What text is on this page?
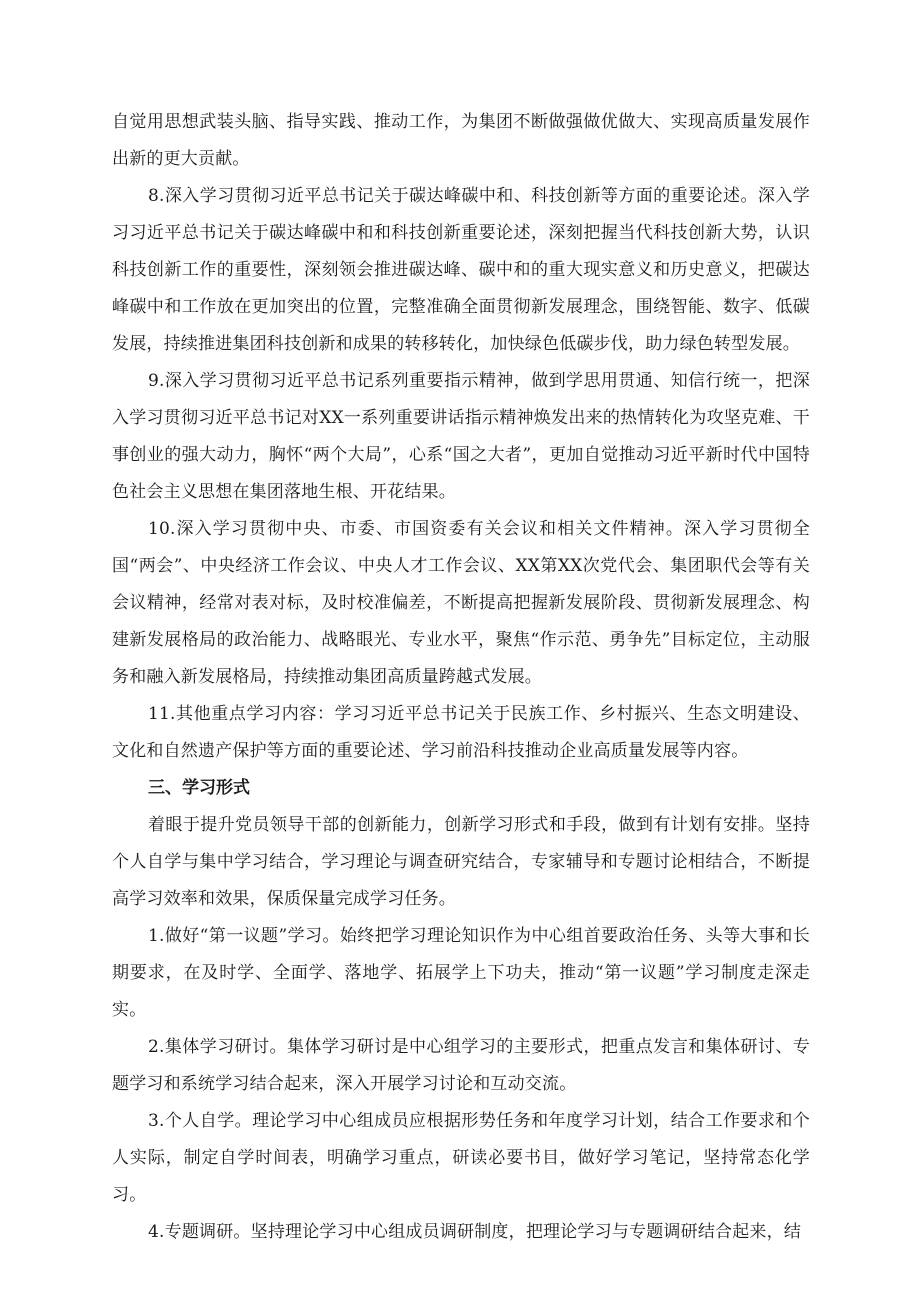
自觉用思想武装头脑、指导实践、推动工作，为集团不断做强做优做大、实现高质量发展作出新的更大贡献。

8.深入学习贯彻习近平总书记关于碳达峰碳中和、科技创新等方面的重要论述。深入学习习近平总书记关于碳达峰碳中和和科技创新重要论述，深刻把握当代科技创新大势，认识科技创新工作的重要性，深刻领会推进碳达峰、碳中和的重大现实意义和历史意义，把碳达峰碳中和工作放在更加突出的位置，完整准确全面贯彻新发展理念，围绕智能、数字、低碳发展，持续推进集团科技创新和成果的转移转化，加快绿色低碳步伐，助力绿色转型发展。

9.深入学习贯彻习近平总书记系列重要指示精神，做到学思用贯通、知信行统一，把深入学习贯彻习近平总书记对XX一系列重要讲话指示精神焕发出来的热情转化为攻坚克难、干事创业的强大动力，胸怀“两个大局”，心系“国之大者”，更加自觉推动习近平新时代中国特色社会主义思想在集团落地生根、开花结果。

10.深入学习贯彻中央、市委、市国资委有关会议和相关文件精神。深入学习贯彻全国“两会”、中央经济工作会议、中央人才工作会议、XX第XX次党代会、集团职代会等有关会议精神，经常对表对标，及时校准偏差，不断提高把握新发展阶段、贯彻新发展理念、构建新发展格局的政治能力、战略眼光、专业水平，聚焦“作示范、勇争先”目标定位，主动服务和融入新发展格局，持续推动集团高质量跨越式发展。

11.其他重点学习内容：学习习近平总书记关于民族工作、乡村振兴、生态文明建设、文化和自然遗产保护等方面的重要论述、学习前沿科技推动企业高质量发展等内容。

三、学习形式

着眼于提升党员领导干部的创新能力，创新学习形式和手段，做到有计划有安排。坚持个人自学与集中学习结合，学习理论与调查研究结合，专家辅导和专题讨论相结合，不断提高学习效率和效果，保质保量完成学习任务。

1.做好“第一议题”学习。始终把学习理论知识作为中心组首要政治任务、头等大事和长期要求，在及时学、全面学、落地学、拓展学上下功夫，推动“第一议题”学习制度走深走实。

2.集体学习研讨。集体学习研讨是中心组学习的主要形式，把重点发言和集体研讨、专题学习和系统学习结合起来，深入开展学习讨论和互动交流。

3.个人自学。理论学习中心组成员应根据形势任务和年度学习计划，结合工作要求和个人实际，制定自学时间表，明确学习重点，研读必要书目，做好学习笔记，坚持常态化学习。

4.专题调研。坚持理论学习中心组成员调研制度，把理论学习与专题调研结合起来，结
